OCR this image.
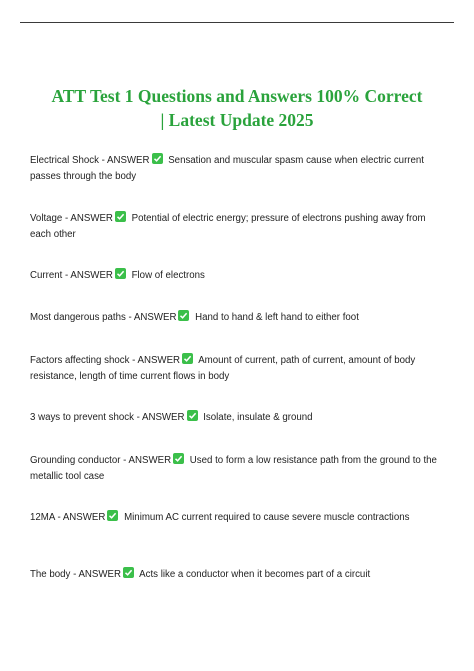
ATT Test 1 Questions and Answers 100% Correct
| Latest Update 2025
Electrical Shock - ANSWER Sensation and muscular spasm cause when electric current passes through the body
Voltage - ANSWER Potential of electric energy; pressure of electrons pushing away from each other
Current - ANSWER Flow of electrons
Most dangerous paths - ANSWER Hand to hand & left hand to either foot
Factors affecting shock - ANSWER Amount of current, path of current, amount of body resistance, length of time current flows in body
3 ways to prevent shock - ANSWER Isolate, insulate & ground
Grounding conductor - ANSWER Used to form a low resistance path from the ground to the metallic tool case
12MA - ANSWER Minimum AC current required to cause severe muscle contractions
The body - ANSWER Acts like a conductor when it becomes part of a circuit
